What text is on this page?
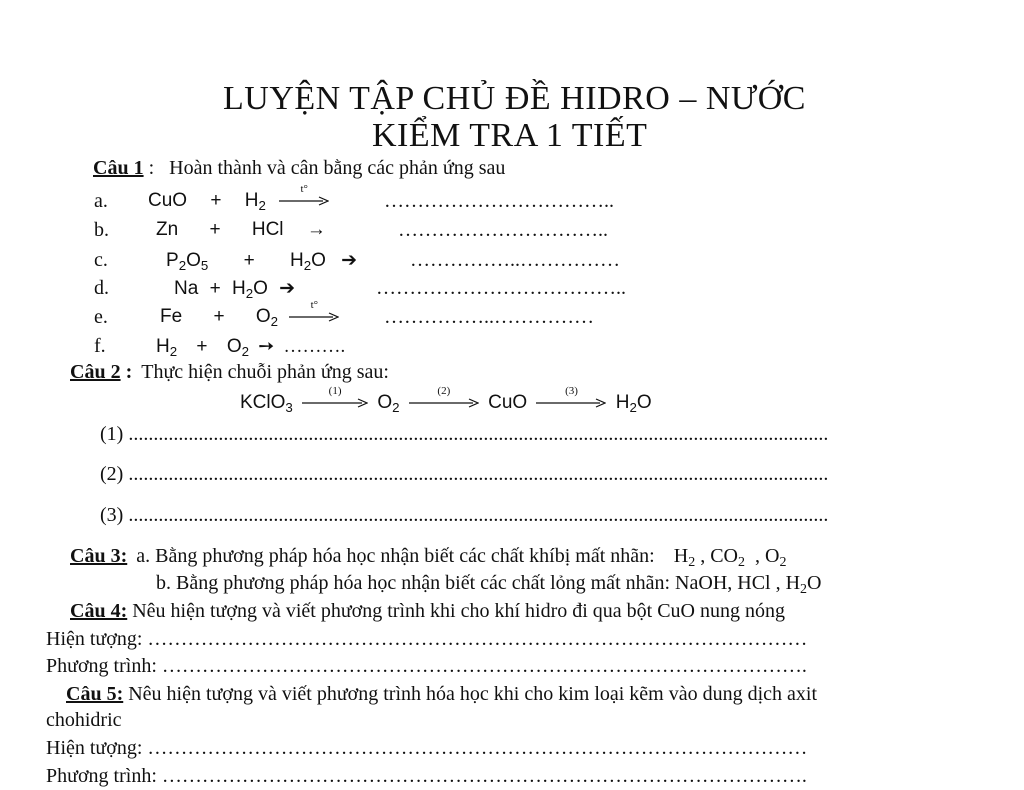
LUYỆN TẬP CHỦ ĐỀ HIDRO – NƯỚC
KIỂM TRA 1 TIẾT
Câu 1 : Hoàn thành và cân bằng các phản ứng sau
a. CuO + $H_2$
t°
……………………………..
b. Zn + HCl →	…………………………..
c.	$P_2O_5 + H_2O$ ➔	……………..……………
d.	$Na + H_2O$ ➔	………………………………..
e.	$Fe + O_2$
t°
……………..……………
f.	$H_2 + O_2$ ➙ ……….
Câu 2 : Thực hiện chuỗi phản ứng sau:
KClO$_3$
(1)
$O_2$
(2)
CuO
(3)
$H_2O$
(1) ............................................................................................................................................
(2) ............................................................................................................................................
(3) ............................................................................................................................................
Câu 3: a. Bằng phương pháp hóa học nhận biết các chất khíbị mất nhãn: $H_2$ , $CO_2$  , $O_2$
b. Bằng phương pháp hóa học nhận biết các chất lỏng mất nhãn: NaOH, HCl , $H_2O$
Câu 4: Nêu hiện tượng và viết phương trình khi cho khí hidro đi qua bột CuO nung nóng
Hiện tượng: ………………………………………………………………………………………
Phương trình: …………………………………………………………………………………….
Câu 5: Nêu hiện tượng và viết phương trình hóa học khi cho kim loại kẽm vào dung dịch axit
chohidric
Hiện tượng: ………………………………………………………………………………………
Phương trình: …………………………………………………………………………………….
